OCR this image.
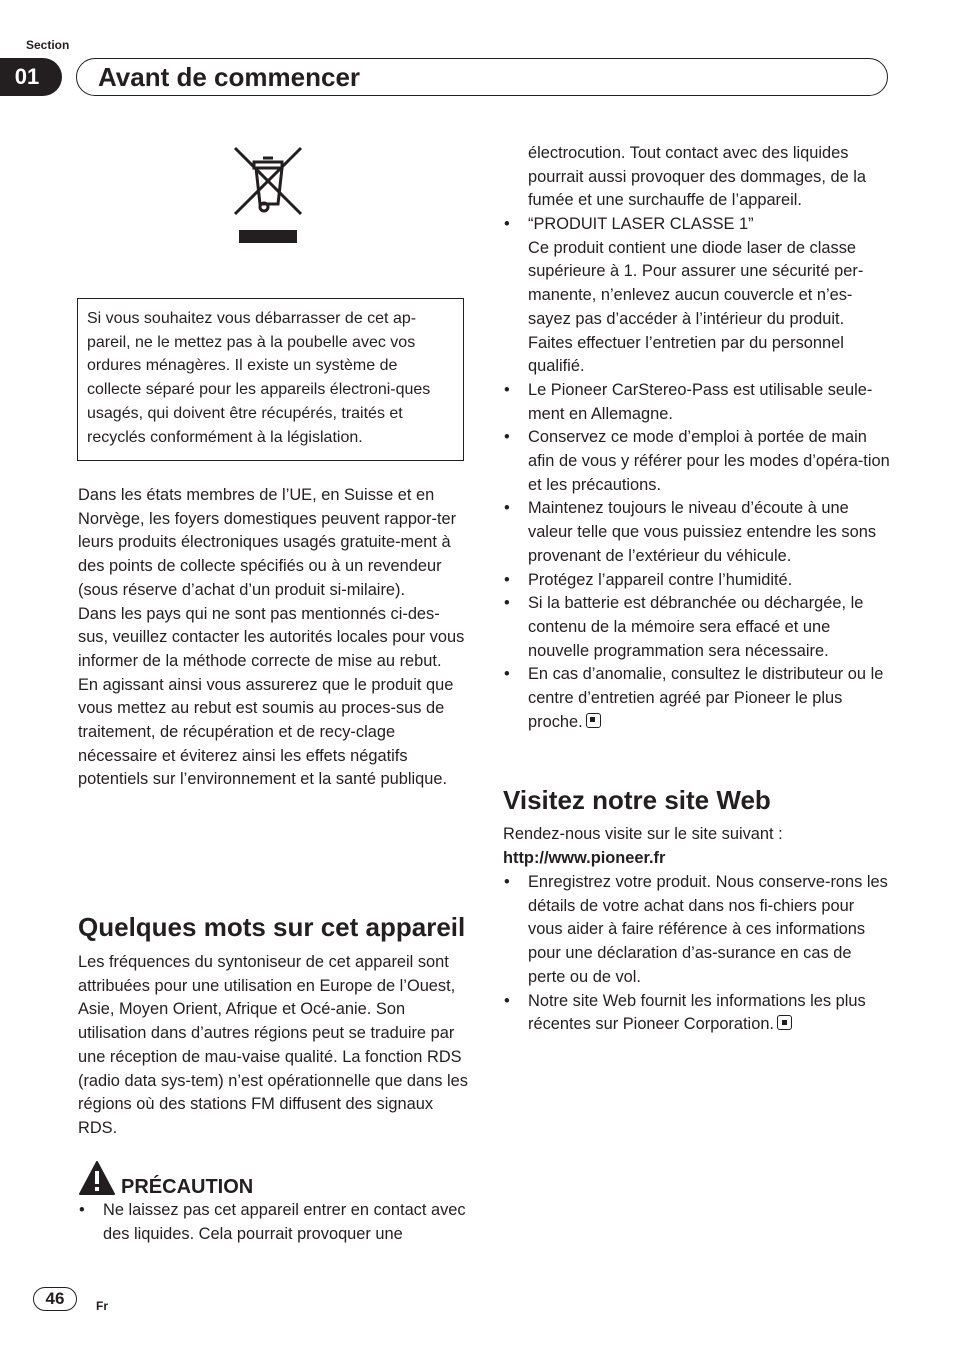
Section
01	Avant de commencer

Si vous souhaitez vous débarrasser de cet ap-pareil, ne le mettez pas à la poubelle avec vos ordures ménagères. Il existe un système de collecte séparé pour les appareils électroni-ques usagés, qui doivent être récupérés, traités et recyclés conformément à la législation.

Dans les états membres de l’UE, en Suisse et en Norvège, les foyers domestiques peuvent rappor-ter leurs produits électroniques usagés gratuite-ment à des points de collecte spécifiés ou à un revendeur (sous réserve d’achat d’un produit si-milaire).

Dans les pays qui ne sont pas mentionnés ci-des-sus, veuillez contacter les autorités locales pour vous informer de la méthode correcte de mise au rebut.

En agissant ainsi vous assurerez que le produit que vous mettez au rebut est soumis au proces-sus de traitement, de récupération et de recy-clage nécessaire et éviterez ainsi les effets négatifs potentiels sur l’environnement et la santé publique.

Quelques mots sur cet appareil
Les fréquences du syntoniseur de cet appareil sont attribuées pour une utilisation en Europe de l’Ouest, Asie, Moyen Orient, Afrique et Océ-anie. Son utilisation dans d’autres régions peut se traduire par une réception de mau-vaise qualité. La fonction RDS (radio data sys-tem) n’est opérationnelle que dans les régions où des stations FM diffusent des signaux RDS.
PRÉCAUTION
• Ne laissez pas cet appareil entrer en contact avec des liquides. Cela pourrait provoquer une
électrocution. Tout contact avec des liquides pourrait aussi provoquer des dommages, de la fumée et une surchauffe de l’appareil.
• “PRODUIT LASER CLASSE 1”
Ce produit contient une diode laser de classe supérieure à 1. Pour assurer une sécurité per-manente, n’enlevez aucun couvercle et n’es-sayez pas d’accéder à l’intérieur du produit. Faites effectuer l’entretien par du personnel qualifié.
• Le Pioneer CarStereo-Pass est utilisable seule-ment en Allemagne.
• Conservez ce mode d’emploi à portée de main afin de vous y référer pour les modes d’opéra-tion et les précautions.
• Maintenez toujours le niveau d’écoute à une valeur telle que vous puissiez entendre les sons provenant de l’extérieur du véhicule.
• Protégez l’appareil contre l’humidité.
• Si la batterie est débranchée ou déchargée, le contenu de la mémoire sera effacé et une nouvelle programmation sera nécessaire.
• En cas d’anomalie, consultez le distributeur ou le centre d’entretien agréé par Pioneer le plus proche.
Visitez notre site Web

Rendez-nous visite sur le site suivant :

http://www.pioneer.fr

• Enregistrez votre produit. Nous conserve-rons les détails de votre achat dans nos fi-chiers pour vous aider à faire référence à ces informations pour une déclaration d’as-surance en cas de perte ou de vol.
• Notre site Web fournit les informations les plus récentes sur Pioneer Corporation.
46	Fr
